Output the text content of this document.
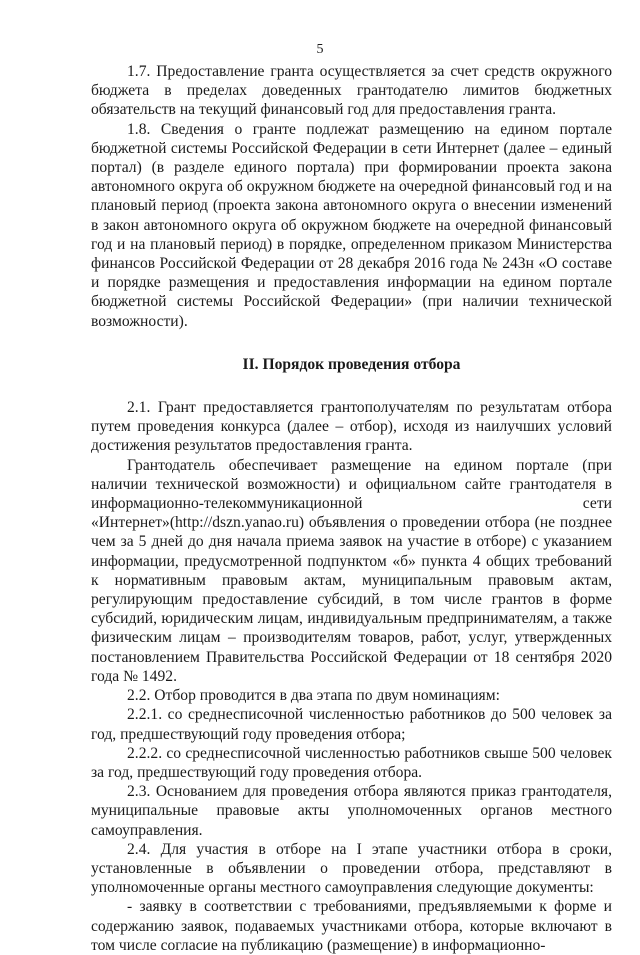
5

1.7. Предоставление гранта осуществляется за счет средств окружного бюджета в пределах доведенных грантодателю лимитов бюджетных обязательств на текущий финансовый год для предоставления гранта.

1.8. Сведения о гранте подлежат размещению на едином портале бюджетной системы Российской Федерации в сети Интернет (далее – единый портал) (в разделе единого портала) при формировании проекта закона автономного округа об окружном бюджете на очередной финансовый год и на плановый период (проекта закона автономного округа о внесении изменений в закон автономного округа об окружном бюджете на очередной финансовый год и на плановый период) в порядке, определенном приказом Министерства финансов Российской Федерации от 28 декабря 2016 года № 243н «О составе и порядке размещения и предоставления информации на едином портале бюджетной системы Российской Федерации» (при наличии технической возможности).

II. Порядок проведения отбора

2.1. Грант предоставляется грантополучателям по результатам отбора путем проведения конкурса (далее – отбор), исходя из наилучших условий достижения результатов предоставления гранта.

Грантодатель обеспечивает размещение на едином портале (при наличии технической возможности) и официальном сайте грантодателя в информационно-телекоммуникационной сети «Интернет»(http://dszn.yanao.ru) объявления о проведении отбора (не позднее чем за 5 дней до дня начала приема заявок на участие в отборе) с указанием информации, предусмотренной подпунктом «б» пункта 4 общих требований к нормативным правовым актам, муниципальным правовым актам, регулирующим предоставление субсидий, в том числе грантов в форме субсидий, юридическим лицам, индивидуальным предпринимателям, а также физическим лицам – производителям товаров, работ, услуг, утвержденных постановлением Правительства Российской Федерации от 18 сентября 2020 года № 1492.

2.2. Отбор проводится в два этапа по двум номинациям:

2.2.1. со среднесписочной численностью работников до 500 человек за год, предшествующий году проведения отбора;

2.2.2. со среднесписочной численностью работников свыше 500 человек за год, предшествующий году проведения отбора.

2.3. Основанием для проведения отбора являются приказ грантодателя, муниципальные правовые акты уполномоченных органов местного самоуправления.

2.4. Для участия в отборе на I этапе участники отбора в сроки, установленные в объявлении о проведении отбора, представляют в уполномоченные органы местного самоуправления следующие документы:

- заявку в соответствии с требованиями, предъявляемыми к форме и содержанию заявок, подаваемых участниками отбора, которые включают в том числе согласие на публикацию (размещение) в информационно-
